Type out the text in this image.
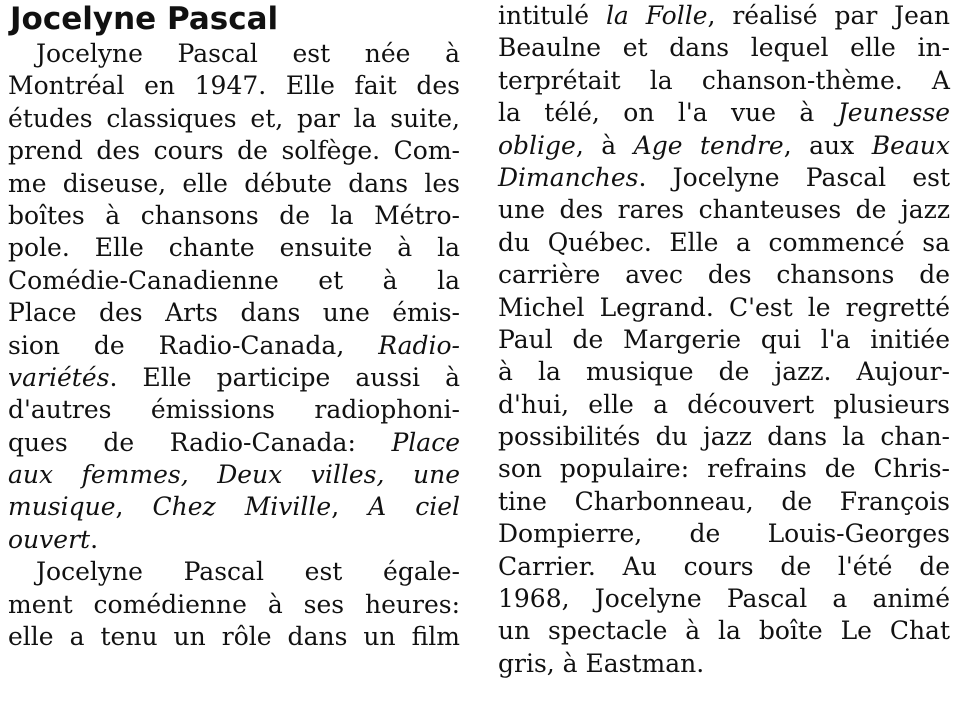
Jocelyne Pascal
Jocelyne Pascal est née à
Montréal en 1947. Elle fait des
études classiques et, par la suite,
prend des cours de solfège. Com-
me diseuse, elle débute dans les
boîtes à chansons de la Métro-
pole. Elle chante ensuite à la
Comédie-Canadienne et à la
Place des Arts dans une émis-
sion de Radio-Canada, Radio-
variétés. Elle participe aussi à
d'autres émissions radiophoni-
ques de Radio-Canada: Place
aux femmes, Deux villes, une
musique, Chez Miville, A ciel
ouvert.
Jocelyne Pascal est égale-
ment comédienne à ses heures:
elle a tenu un rôle dans un film
intitulé la Folle, réalisé par Jean
Beaulne et dans lequel elle in-
terprétait la chanson-thème. A
la télé, on l'a vue à Jeunesse
oblige, à Age tendre, aux Beaux
Dimanches. Jocelyne Pascal est
une des rares chanteuses de jazz
du Québec. Elle a commencé sa
carrière avec des chansons de
Michel Legrand. C'est le regretté
Paul de Margerie qui l'a initiée
à la musique de jazz. Aujour-
d'hui, elle a découvert plusieurs
possibilités du jazz dans la chan-
son populaire: refrains de Chris-
tine Charbonneau, de François
Dompierre, de Louis-Georges
Carrier. Au cours de l'été de
1968, Jocelyne Pascal a animé
un spectacle à la boîte Le Chat
gris, à Eastman.
